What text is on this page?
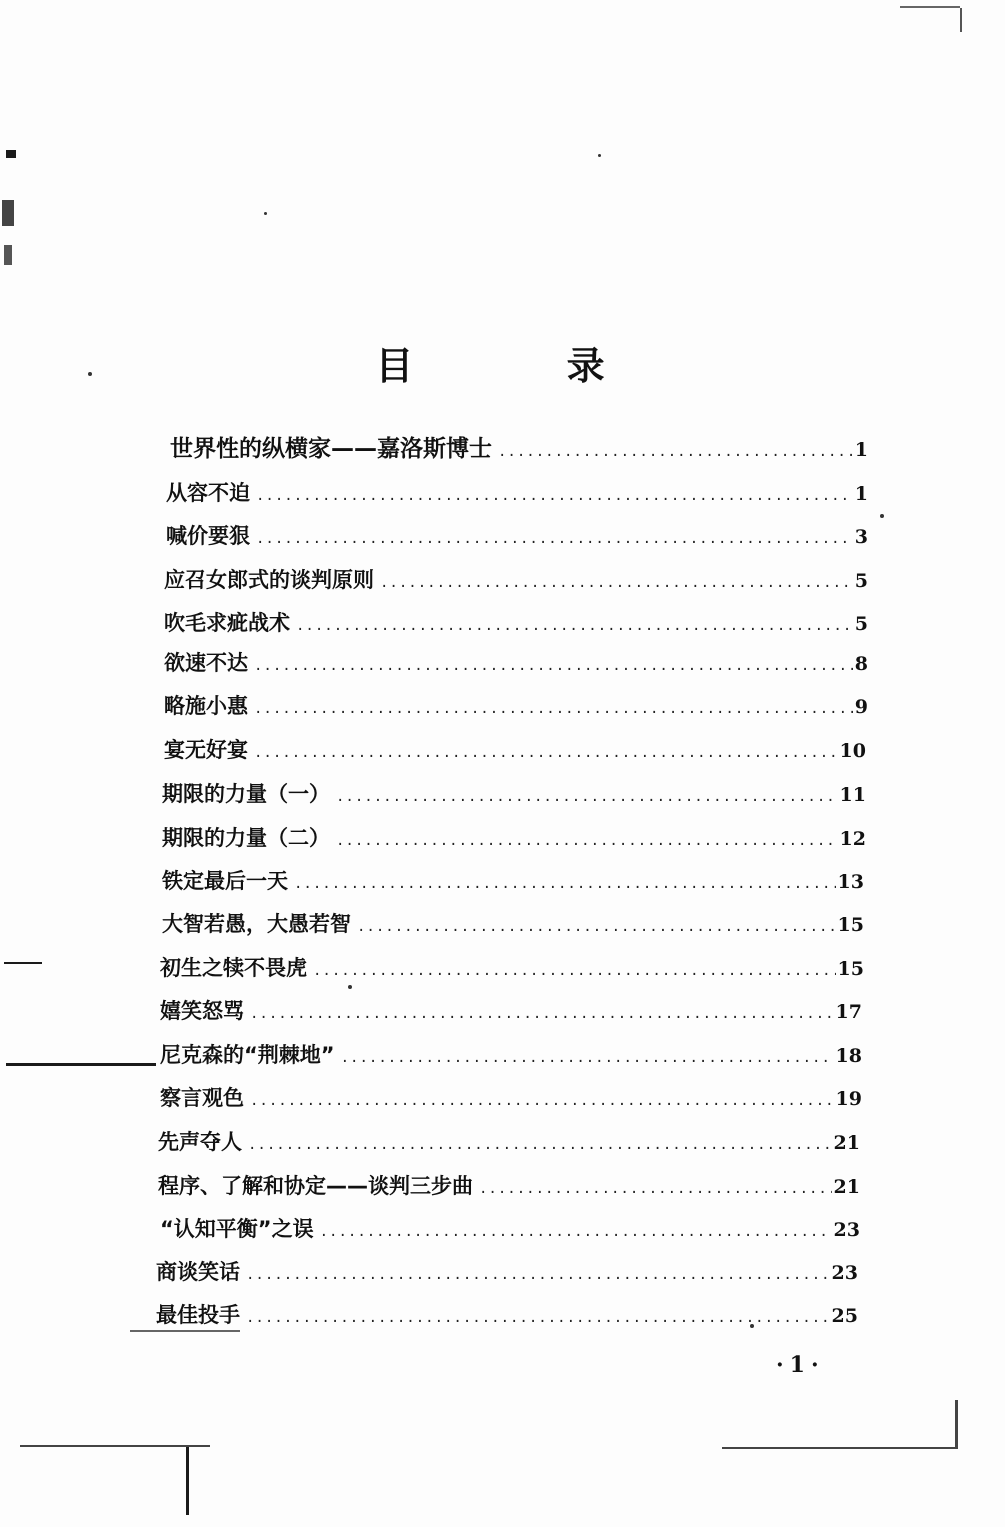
目 录
世界性的纵横家——嘉洛斯博士 .....	1
从容不迫 .....	1
喊价要狠 .....	3
应召女郎式的谈判原则 .....	5
吹毛求疵战术 .....	5
欲速不达 .....	8
略施小惠 .....	9
宴无好宴 .....	10
期限的力量（一） .....	11
期限的力量（二） .....	12
铁定最后一天 .....	13
大智若愚，大愚若智 .....	15
初生之犊不畏虎 .....	15
嬉笑怒骂 .....	17
尼克森的“荆棘地” .....	18
察言观色 .....	19
先声夺人 .....	21
程序、了解和协定——谈判三步曲 .....	21
“认知平衡”之误 .....	23
商谈笑话 .....	23
最佳投手 .....	25
·1·
